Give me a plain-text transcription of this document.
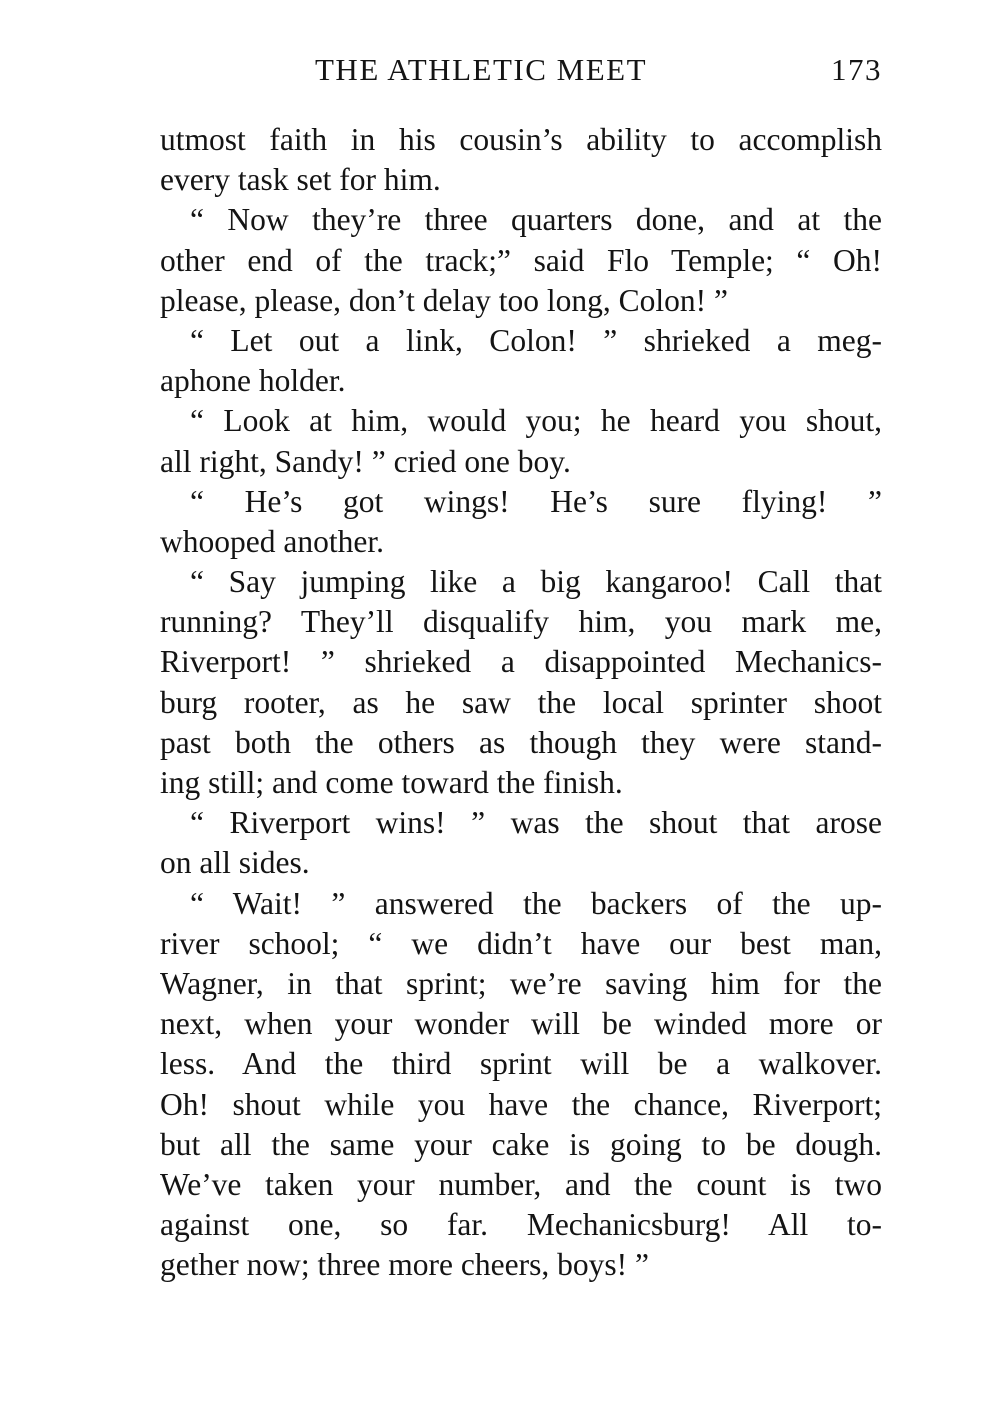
THE ATHLETIC MEET	173
utmost faith in his cousin’s ability to accomplish
every task set for him.
“ Now they’re three quarters done, and at the
other end of the track;” said Flo Temple; “ Oh!
please, please, don’t delay too long, Colon! ”
“ Let out a link, Colon! ” shrieked a meg-
aphone holder.
“ Look at him, would you; he heard you shout,
all right, Sandy! ” cried one boy.
“ He’s got wings! He’s sure flying! ”
whooped another.
“ Say jumping like a big kangaroo! Call that
running? They’ll disqualify him, you mark me,
Riverport! ” shrieked a disappointed Mechanics-
burg rooter, as he saw the local sprinter shoot
past both the others as though they were stand-
ing still; and come toward the finish.
“ Riverport wins! ” was the shout that arose
on all sides.
“ Wait! ” answered the backers of the up-
river school; “ we didn’t have our best man,
Wagner, in that sprint; we’re saving him for the
next, when your wonder will be winded more or
less. And the third sprint will be a walkover.
Oh! shout while you have the chance, Riverport;
but all the same your cake is going to be dough.
We’ve taken your number, and the count is two
against one, so far. Mechanicsburg! All to-
gether now; three more cheers, boys! ”
